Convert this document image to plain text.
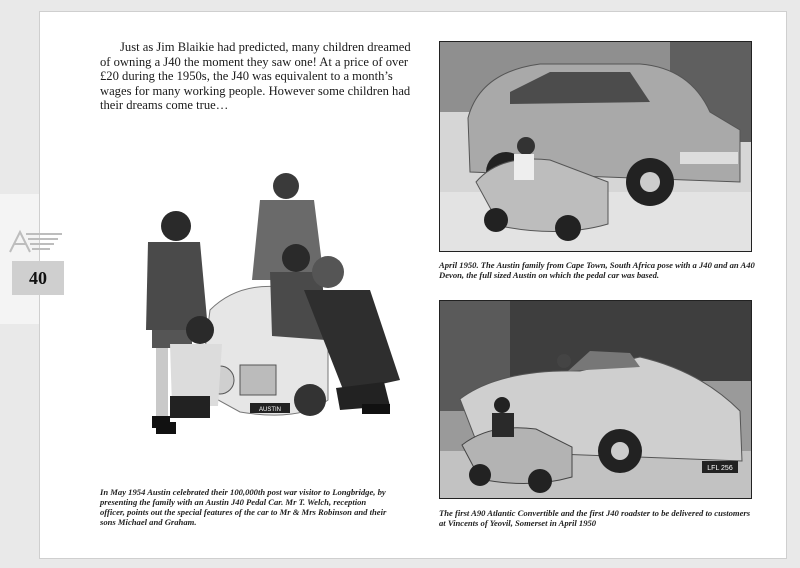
40

Just as Jim Blaikie had predicted, many children dreamed of owning a J40 the moment they saw one! At a price of over £20 during the 1950s, the J40 was equivalent to a month’s wages for many working people. However some children had their dreams come true…

AUSTIN

April 1950. The Austin family from Cape Town, South Africa pose with a J40 and an A40 Devon, the full sized Austin on which the pedal car was based.

LFL 256

The first A90 Atlantic Convertible and the first J40 roadster to be delivered to customers at Vincents of Yeovil, Somerset in April 1950

In May 1954 Austin celebrated their 100,000th post war visitor to Longbridge, by presenting the family with an Austin J40 Pedal Car. Mr T. Welch, reception officer, points out the special features of the car to Mr & Mrs Robinson and their sons Michael and Graham.
